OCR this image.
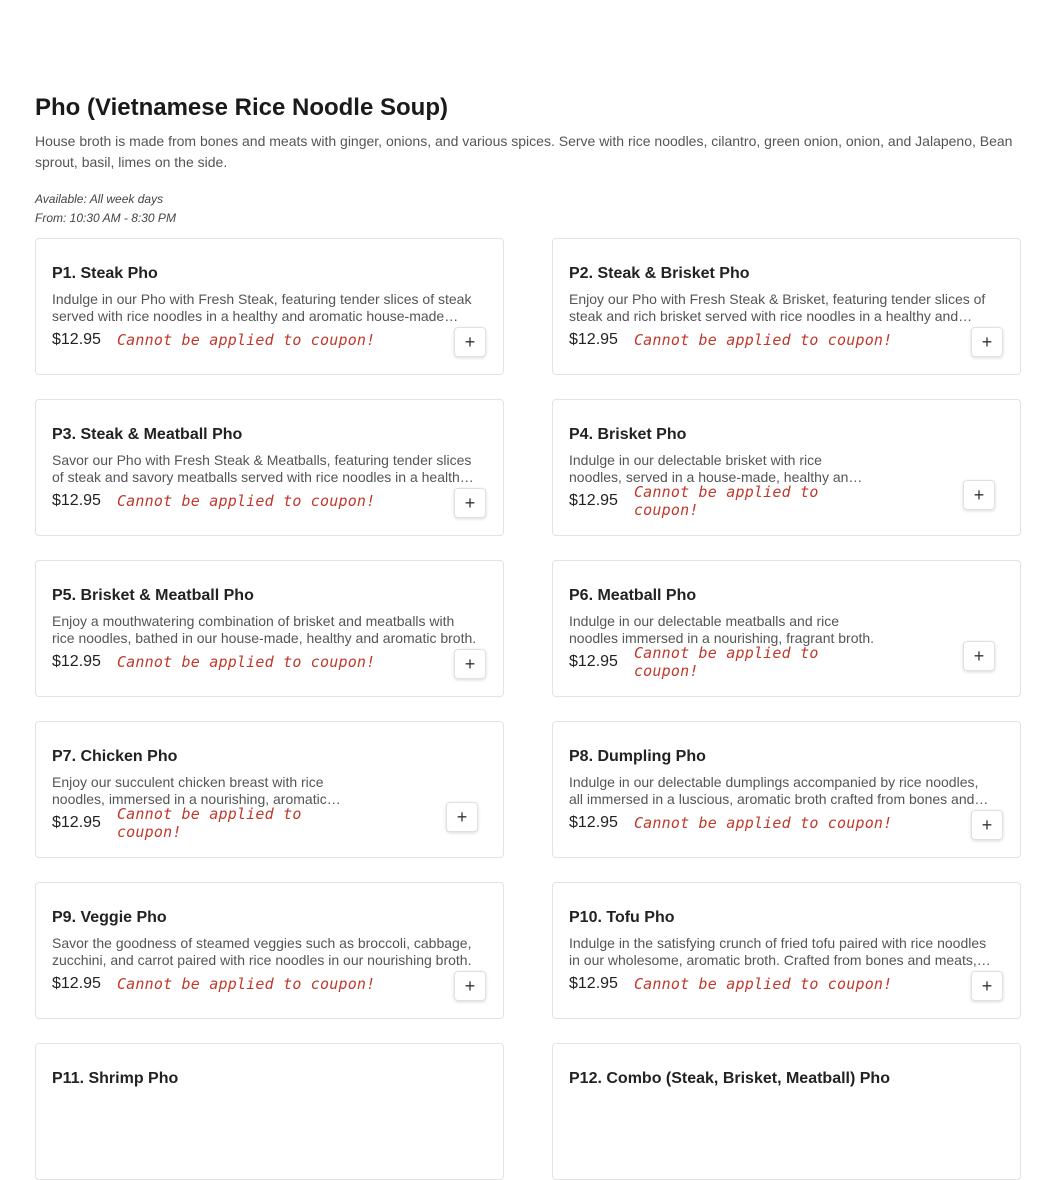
Pho (Vietnamese Rice Noodle Soup)

House broth is made from bones and meats with ginger, onions, and various spices. Serve with rice noodles, cilantro, green onion, onion, and Jalapeno, Bean sprout, basil, limes on the side.

Available: All week days
From: 10:30 AM - 8:30 PM
P1. Steak Pho
Indulge in our Pho with Fresh Steak, featuring tender slices of steak served with rice noodles in a healthy and aromatic house-made
$12.95 Cannot be applied to coupon!	+
P2. Steak & Brisket Pho
Enjoy our Pho with Fresh Steak & Brisket, featuring tender slices of steak and rich brisket served with rice noodles in a healthy and
$12.95 Cannot be applied to coupon!	+
P3. Steak & Meatball Pho
Savor our Pho with Fresh Steak & Meatballs, featuring tender slices of steak and savory meatballs served with rice noodles in a healthy
$12.95 Cannot be applied to coupon!	+
P4. Brisket Pho
Indulge in our delectable brisket with rice noodles, served in a house-made, healthy and
$12.95 Cannot be applied to coupon!
+
P5. Brisket & Meatball Pho
Enjoy a mouthwatering combination of brisket and meatballs with rice noodles, bathed in our house-made, healthy and aromatic broth.
$12.95 Cannot be applied to coupon!	+
P6. Meatball Pho
Indulge in our delectable meatballs and rice noodles immersed in a nourishing, fragrant broth.
$12.95 Cannot be applied to coupon!
+
P7. Chicken Pho
Enjoy our succulent chicken breast with rice noodles, immersed in a nourishing, aromatic
$12.95 Cannot be applied to coupon!
+
P8. Dumpling Pho
Indulge in our delectable dumplings accompanied by rice noodles, all immersed in a luscious, aromatic broth crafted from bones and
$12.95 Cannot be applied to coupon!	+
P9. Veggie Pho
Savor the goodness of steamed veggies such as broccoli, cabbage, zucchini, and carrot paired with rice noodles in our nourishing broth.
$12.95 Cannot be applied to coupon!	+
P10. Tofu Pho
Indulge in the satisfying crunch of fried tofu paired with rice noodles in our wholesome, aromatic broth. Crafted from bones and meats,
$12.95 Cannot be applied to coupon!	+
P11. Shrimp Pho	P12. Combo (Steak, Brisket, Meatball) Pho
